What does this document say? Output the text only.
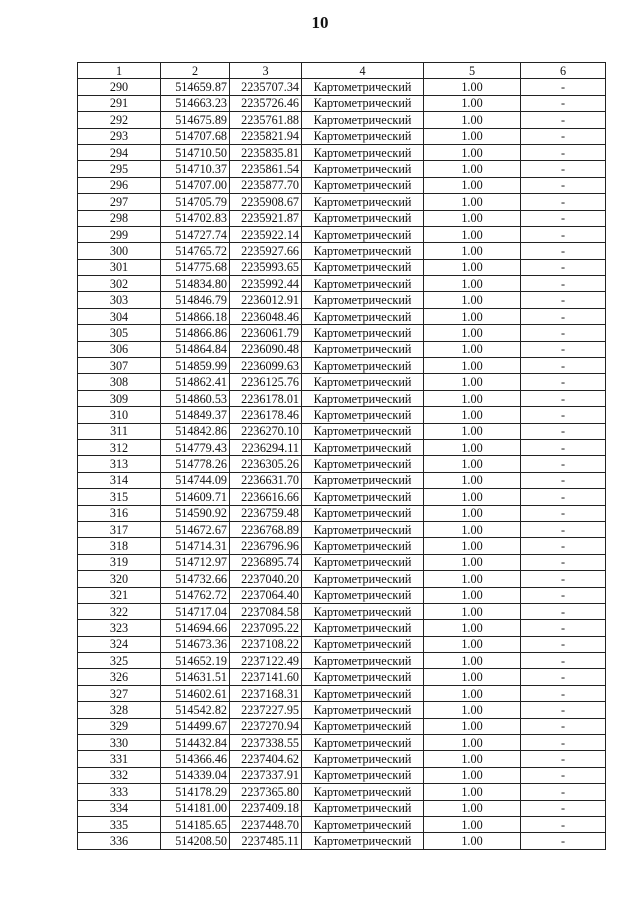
10
1	2	3	4	5	6
290	514659.87	2235707.34	Картометрический	1.00	-
291	514663.23	2235726.46	Картометрический	1.00	-
292	514675.89	2235761.88	Картометрический	1.00	-
293	514707.68	2235821.94	Картометрический	1.00	-
294	514710.50	2235835.81	Картометрический	1.00	-
295	514710.37	2235861.54	Картометрический	1.00	-
296	514707.00	2235877.70	Картометрический	1.00	-
297	514705.79	2235908.67	Картометрический	1.00	-
298	514702.83	2235921.87	Картометрический	1.00	-
299	514727.74	2235922.14	Картометрический	1.00	-
300	514765.72	2235927.66	Картометрический	1.00	-
301	514775.68	2235993.65	Картометрический	1.00	-
302	514834.80	2235992.44	Картометрический	1.00	-
303	514846.79	2236012.91	Картометрический	1.00	-
304	514866.18	2236048.46	Картометрический	1.00	-
305	514866.86	2236061.79	Картометрический	1.00	-
306	514864.84	2236090.48	Картометрический	1.00	-
307	514859.99	2236099.63	Картометрический	1.00	-
308	514862.41	2236125.76	Картометрический	1.00	-
309	514860.53	2236178.01	Картометрический	1.00	-
310	514849.37	2236178.46	Картометрический	1.00	-
311	514842.86	2236270.10	Картометрический	1.00	-
312	514779.43	2236294.11	Картометрический	1.00	-
313	514778.26	2236305.26	Картометрический	1.00	-
314	514744.09	2236631.70	Картометрический	1.00	-
315	514609.71	2236616.66	Картометрический	1.00	-
316	514590.92	2236759.48	Картометрический	1.00	-
317	514672.67	2236768.89	Картометрический	1.00	-
318	514714.31	2236796.96	Картометрический	1.00	-
319	514712.97	2236895.74	Картометрический	1.00	-
320	514732.66	2237040.20	Картометрический	1.00	-
321	514762.72	2237064.40	Картометрический	1.00	-
322	514717.04	2237084.58	Картометрический	1.00	-
323	514694.66	2237095.22	Картометрический	1.00	-
324	514673.36	2237108.22	Картометрический	1.00	-
325	514652.19	2237122.49	Картометрический	1.00	-
326	514631.51	2237141.60	Картометрический	1.00	-
327	514602.61	2237168.31	Картометрический	1.00	-
328	514542.82	2237227.95	Картометрический	1.00	-
329	514499.67	2237270.94	Картометрический	1.00	-
330	514432.84	2237338.55	Картометрический	1.00	-
331	514366.46	2237404.62	Картометрический	1.00	-
332	514339.04	2237337.91	Картометрический	1.00	-
333	514178.29	2237365.80	Картометрический	1.00	-
334	514181.00	2237409.18	Картометрический	1.00	-
335	514185.65	2237448.70	Картометрический	1.00	-
336	514208.50	2237485.11	Картометрический	1.00	-
